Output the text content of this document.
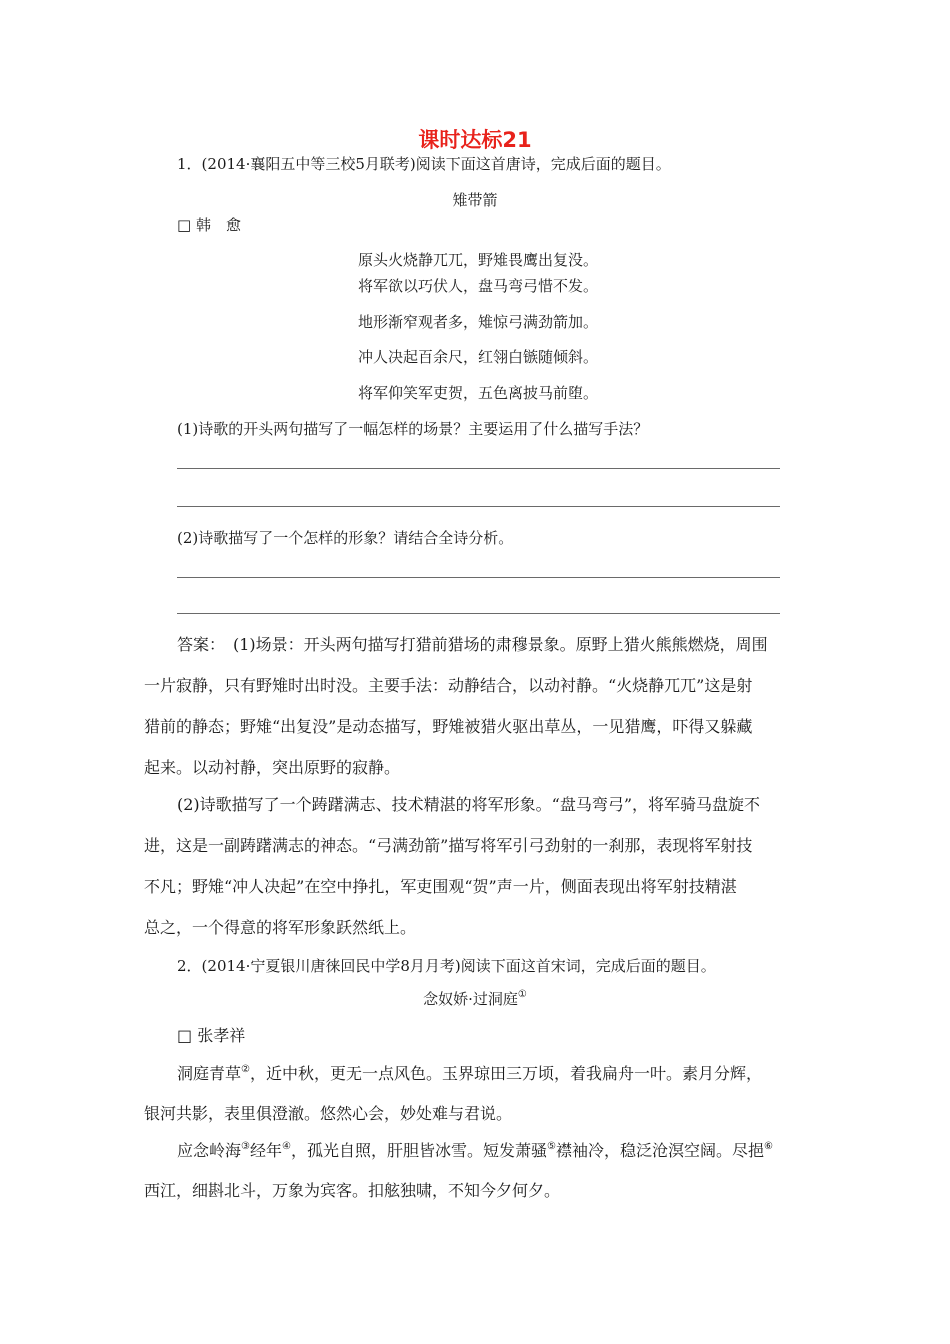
课时达标21
1．(2014·襄阳五中等三校5月联考)阅读下面这首唐诗，完成后面的题目。
雉带箭
□ 韩　愈
原头火烧静兀兀，野雉畏鹰出复没。
将军欲以巧伏人，盘马弯弓惜不发。
地形渐窄观者多，雉惊弓满劲箭加。
冲人决起百余尺，红翎白镞随倾斜。
将军仰笑军吏贺，五色离披马前堕。
(1)诗歌的开头两句描写了一幅怎样的场景？主要运用了什么描写手法？
(2)诗歌描写了一个怎样的形象？请结合全诗分析。
答案：　(1)场景：开头两句描写打猎前猎场的肃穆景象。原野上猎火熊熊燃烧，周围
一片寂静，只有野雉时出时没。主要手法：动静结合，以动衬静。“火烧静兀兀”这是射
猎前的静态；野雉“出复没”是动态描写，野雉被猎火驱出草丛，一见猎鹰，吓得又躲藏
起来。以动衬静，突出原野的寂静。
(2)诗歌描写了一个踌躇满志、技术精湛的将军形象。“盘马弯弓”，将军骑马盘旋不
进，这是一副踌躇满志的神态。“弓满劲箭”描写将军引弓劲射的一刹那，表现将军射技
不凡；野雉“冲人决起”在空中挣扎，军吏围观“贺”声一片，侧面表现出将军射技精湛
总之，一个得意的将军形象跃然纸上。
2．(2014·宁夏银川唐徕回民中学8月月考)阅读下面这首宋词，完成后面的题目。
念奴娇·过洞庭①
□ 张孝祥
洞庭青草②，近中秋，更无一点风色。玉界琼田三万顷，着我扁舟一叶。素月分辉，
银河共影，表里俱澄澈。悠然心会，妙处难与君说。
应念岭海③经年④，孤光自照，肝胆皆冰雪。短发萧骚⑤襟袖冷，稳泛沧溟空阔。尽挹⑥
西江，细斟北斗，万象为宾客。扣舷独啸，不知今夕何夕。
